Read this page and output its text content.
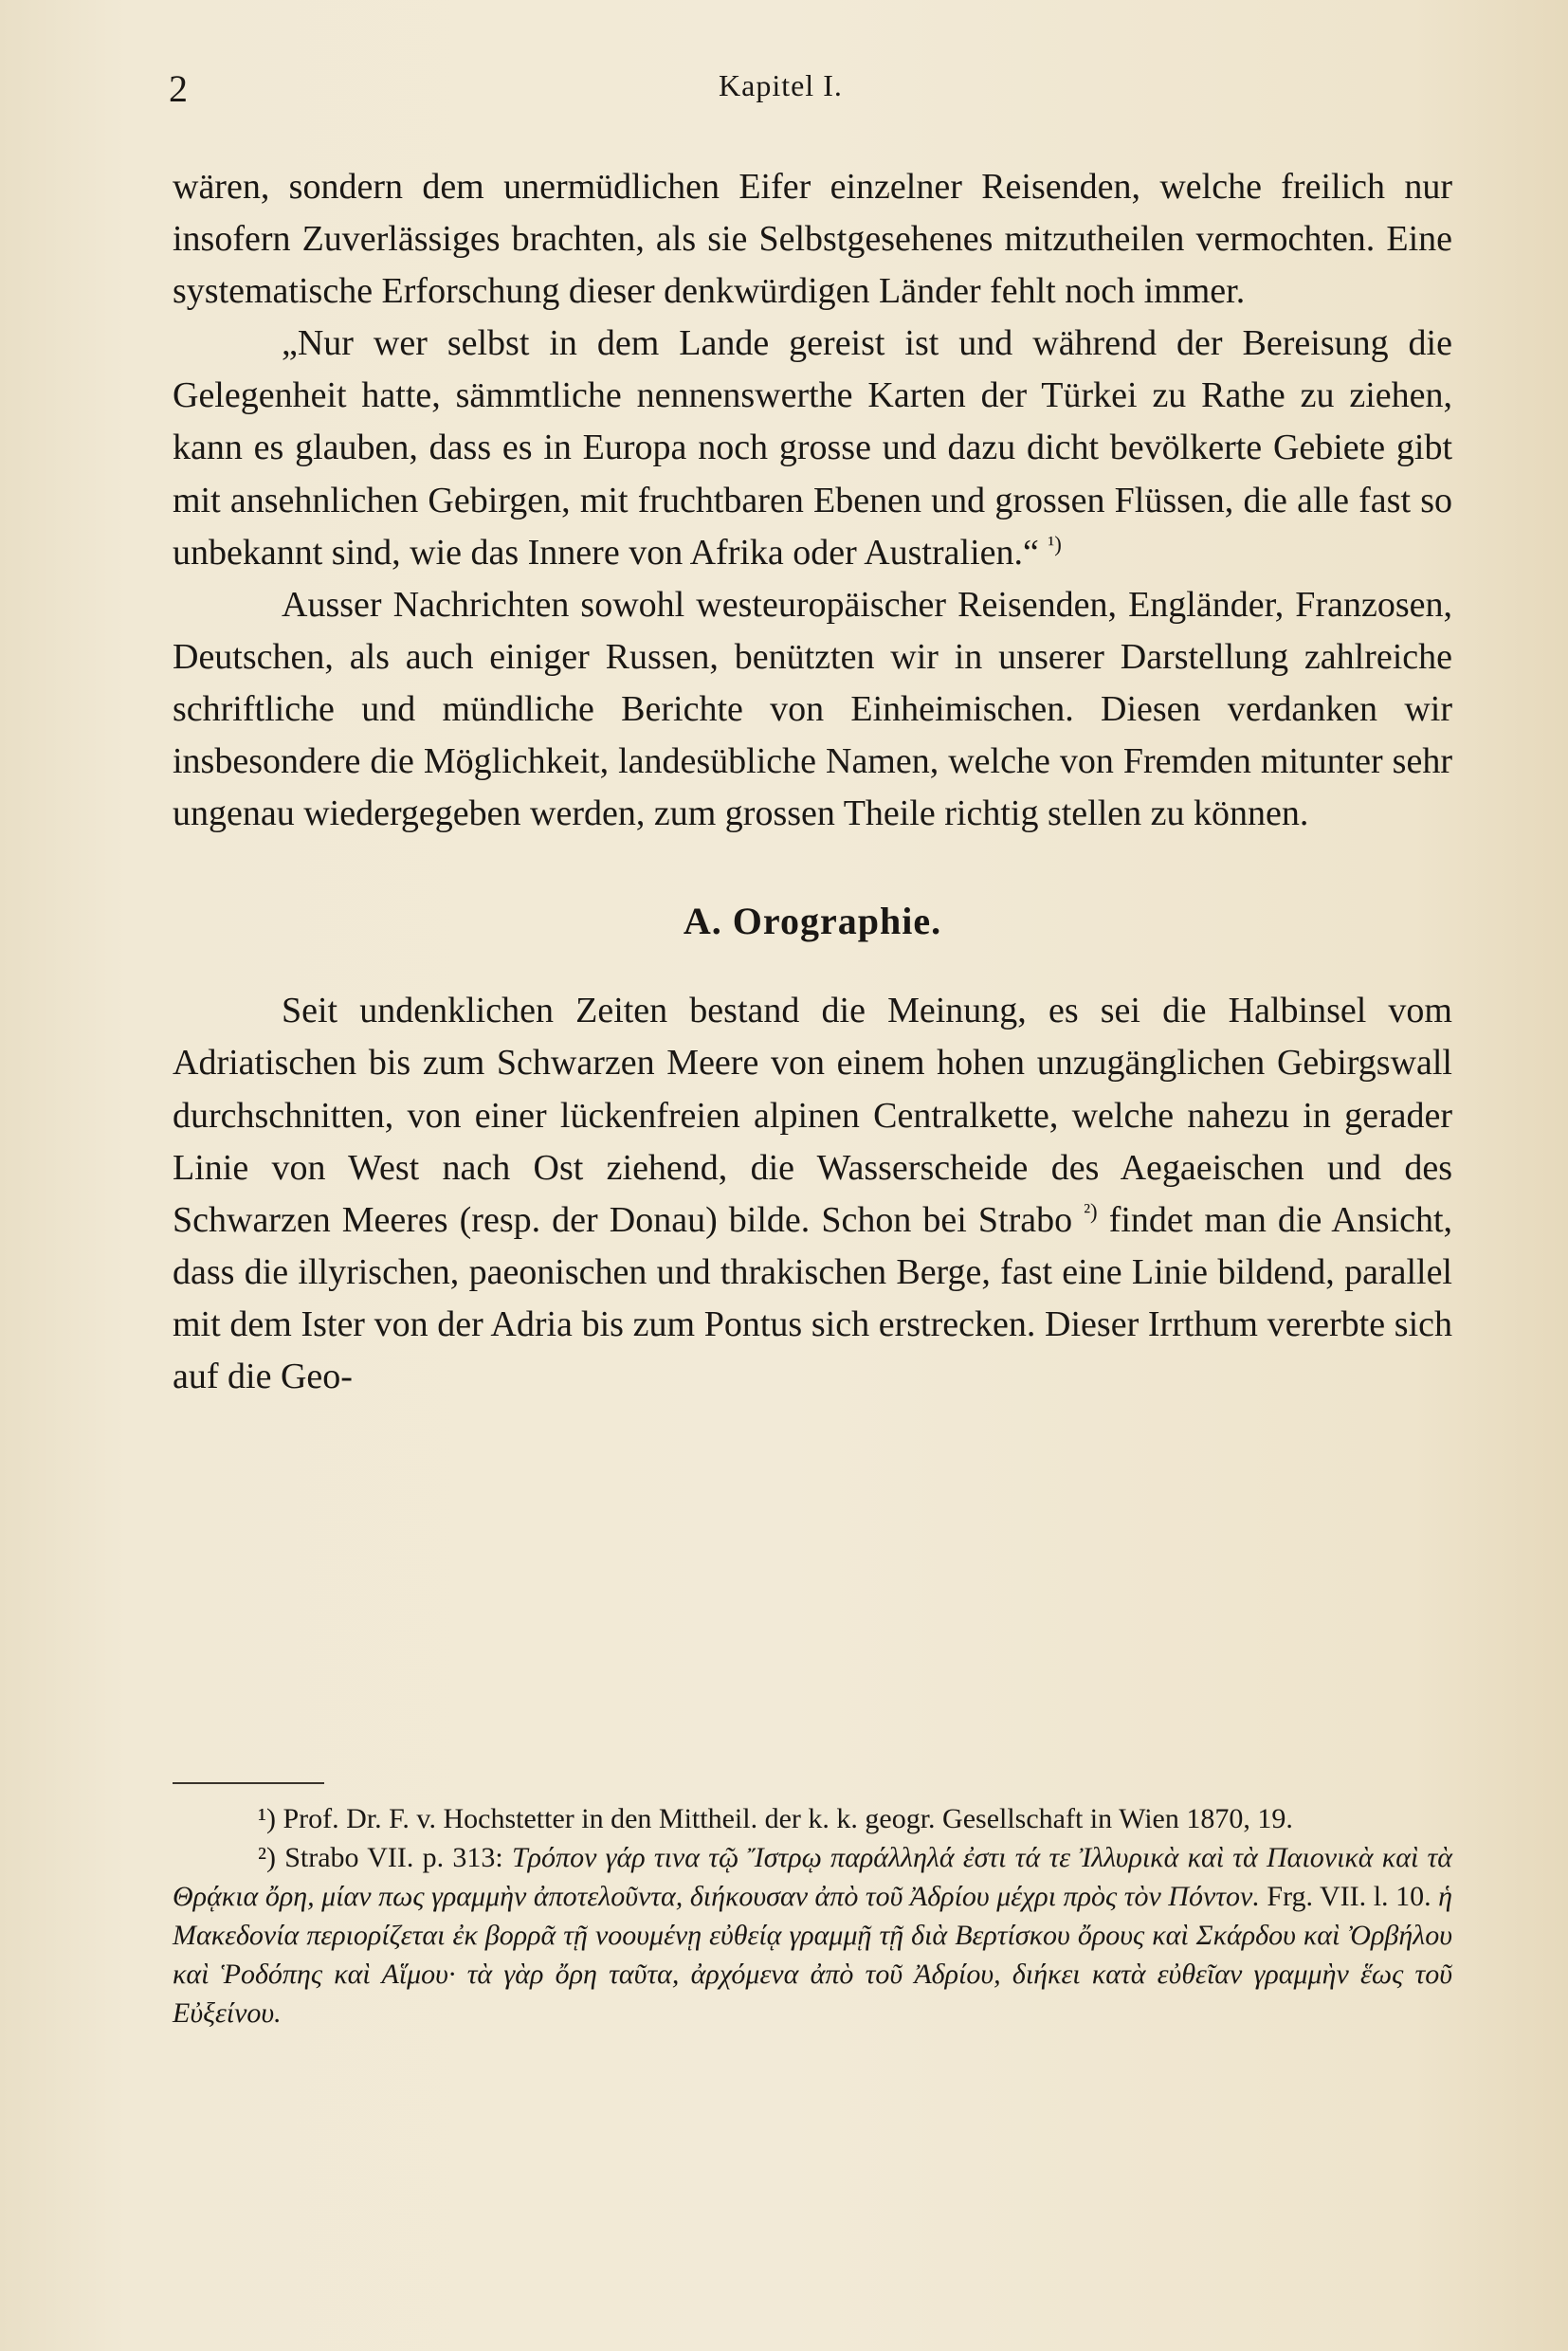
2	Kapitel I.

wären, sondern dem unermüdlichen Eifer einzelner Reisenden, welche freilich nur insofern Zuverlässiges brachten, als sie Selbstgesehenes mitzutheilen vermochten. Eine systematische Erforschung dieser denkwürdigen Länder fehlt noch immer.

„Nur wer selbst in dem Lande gereist ist und während der Bereisung die Gelegenheit hatte, sämmtliche nennenswerthe Karten der Türkei zu Rathe zu ziehen, kann es glauben, dass es in Europa noch grosse und dazu dicht bevölkerte Gebiete gibt mit ansehnlichen Gebirgen, mit fruchtbaren Ebenen und grossen Flüssen, die alle fast so unbekannt sind, wie das Innere von Afrika oder Australien.“ $^{^1)}$

Ausser Nachrichten sowohl westeuropäischer Reisenden, Engländer, Franzosen, Deutschen, als auch einiger Russen, benützten wir in unserer Darstellung zahlreiche schriftliche und mündliche Berichte von Einheimischen. Diesen verdanken wir insbesondere die Möglichkeit, landesübliche Namen, welche von Fremden mitunter sehr ungenau wiedergegeben werden, zum grossen Theile richtig stellen zu können.

A. Orographie.

Seit undenklichen Zeiten bestand die Meinung, es sei die Halbinsel vom Adriatischen bis zum Schwarzen Meere von einem hohen unzugänglichen Gebirgswall durchschnitten, von einer lückenfreien alpinen Centralkette, welche nahezu in gerader Linie von West nach Ost ziehend, die Wasserscheide des Aegaeischen und des Schwarzen Meeres (resp. der Donau) bilde. Schon bei Strabo $^{^2)}$ findet man die Ansicht, dass die illyrischen, paeonischen und thrakischen Berge, fast eine Linie bildend, parallel mit dem Ister von der Adria bis zum Pontus sich erstrecken. Dieser Irrthum vererbte sich auf die Geo-

¹) Prof. Dr. F. v. Hochstetter in den Mittheil. der k. k. geogr. Gesellschaft in Wien 1870, 19.

²) Strabo VII. p. 313: Τρόπον γάρ τινα τῷ Ἴστρῳ παράλληλά ἐστι τά τε Ἰλλυρικὰ καὶ τὰ Παιονικὰ καὶ τὰ Θρᾴκια ὄρη, μίαν πως γραμμὴν ἀποτελοῦντα, διήκουσαν ἀπὸ τοῦ Ἀδρίου μέχρι πρὸς τὸν Πόντον. Frg. VII. l. 10. ἡ Μακεδονία περιορίζεται ἐκ βορρᾶ τῇ νοουμένῃ εὐθείᾳ γραμμῇ τῇ διὰ Βερτίσκου ὄρους καὶ Σκάρδου καὶ Ὀρβήλου καὶ Ῥοδόπης καὶ Αἵμου· τὰ γὰρ ὄρη ταῦτα, ἀρχόμενα ἀπὸ τοῦ Ἀδρίου, διήκει κατὰ εὐθεῖαν γραμμὴν ἕως τοῦ Εὐξείνου.
